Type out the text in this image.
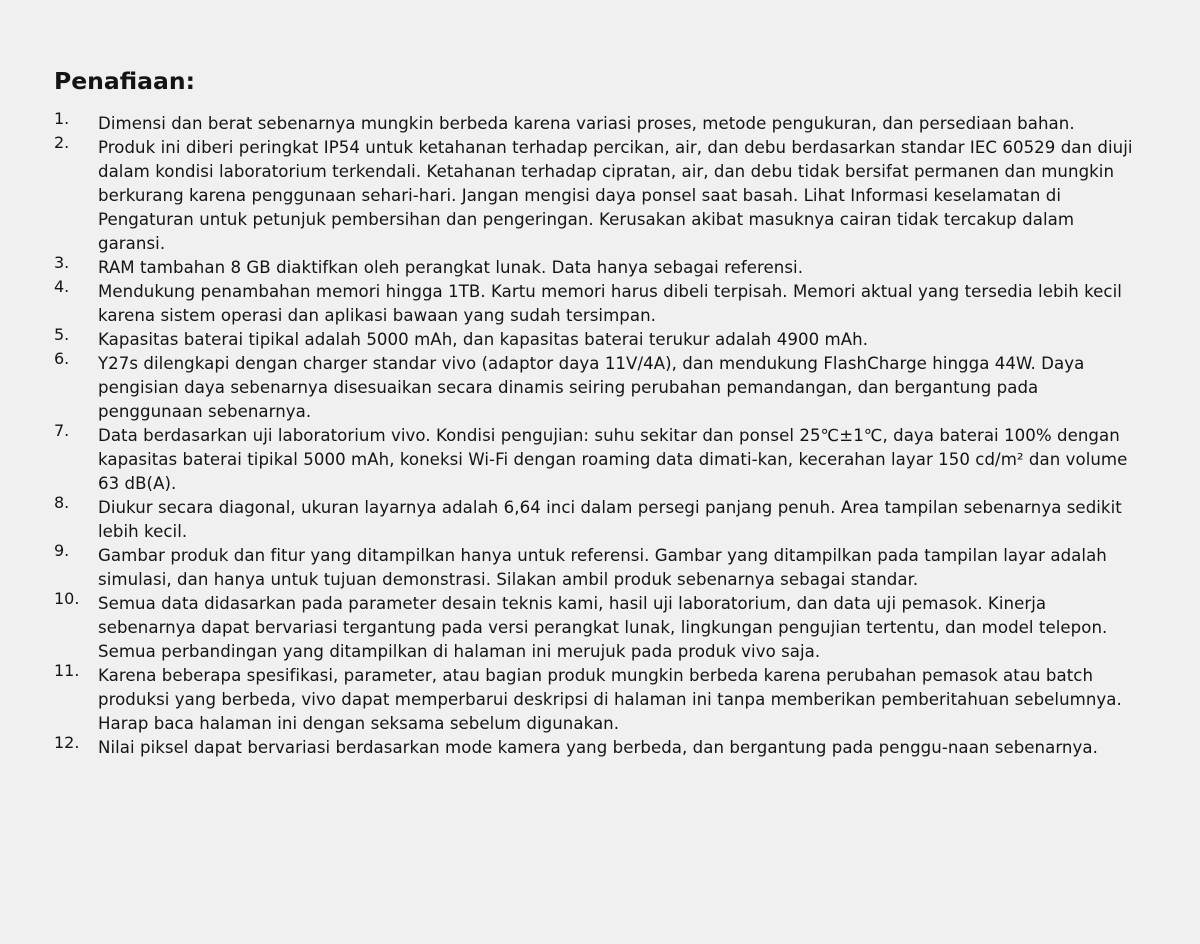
Penafiaan:
1.	Dimensi dan berat sebenarnya mungkin berbeda karena variasi proses, metode pengukuran, dan persediaan bahan.
2.	Produk ini diberi peringkat IP54 untuk ketahanan terhadap percikan, air, dan debu berdasarkan standar IEC 60529 dan diuji dalam kondisi laboratorium terkendali. Ketahanan terhadap cipratan, air, dan debu tidak bersifat permanen dan mungkin berkurang karena penggunaan sehari-hari. Jangan mengisi daya ponsel saat basah. Lihat Informasi keselamatan di Pengaturan untuk petunjuk pembersihan dan pengeringan. Kerusakan akibat masuknya cairan tidak tercakup dalam garansi.
3.	RAM tambahan 8 GB diaktifkan oleh perangkat lunak. Data hanya sebagai referensi.
4.	Mendukung penambahan memori hingga 1TB. Kartu memori harus dibeli terpisah. Memori aktual yang tersedia lebih kecil karena sistem operasi dan aplikasi bawaan yang sudah tersimpan.
5.	Kapasitas baterai tipikal adalah 5000 mAh, dan kapasitas baterai terukur adalah 4900 mAh.
6.	Y27s dilengkapi dengan charger standar vivo (adaptor daya 11V/4A), dan mendukung FlashCharge hingga 44W. Daya pengisian daya sebenarnya disesuaikan secara dinamis seiring perubahan pemandangan, dan bergantung pada penggunaan sebenarnya.
7.	Data berdasarkan uji laboratorium vivo. Kondisi pengujian: suhu sekitar dan ponsel 25℃±1℃, daya baterai 100% dengan kapasitas baterai tipikal 5000 mAh, koneksi Wi-Fi dengan roaming data dimati-kan, kecerahan layar 150 cd/m² dan volume 63 dB(A).
8.	Diukur secara diagonal, ukuran layarnya adalah 6,64 inci dalam persegi panjang penuh. Area tampilan sebenarnya sedikit lebih kecil.
9.	Gambar produk dan fitur yang ditampilkan hanya untuk referensi. Gambar yang ditampilkan pada tampilan layar adalah simulasi, dan hanya untuk tujuan demonstrasi. Silakan ambil produk sebenarnya sebagai standar.
10.	Semua data didasarkan pada parameter desain teknis kami, hasil uji laboratorium, dan data uji pemasok. Kinerja sebenarnya dapat bervariasi tergantung pada versi perangkat lunak, lingkungan pengujian tertentu, dan model telepon. Semua perbandingan yang ditampilkan di halaman ini merujuk pada produk vivo saja.
11.	Karena beberapa spesifikasi, parameter, atau bagian produk mungkin berbeda karena perubahan pemasok atau batch produksi yang berbeda, vivo dapat memperbarui deskripsi di halaman ini tanpa memberikan pemberitahuan sebelumnya. Harap baca halaman ini dengan seksama sebelum digunakan.
12.	Nilai piksel dapat bervariasi berdasarkan mode kamera yang berbeda, dan bergantung pada penggu-naan sebenarnya.
